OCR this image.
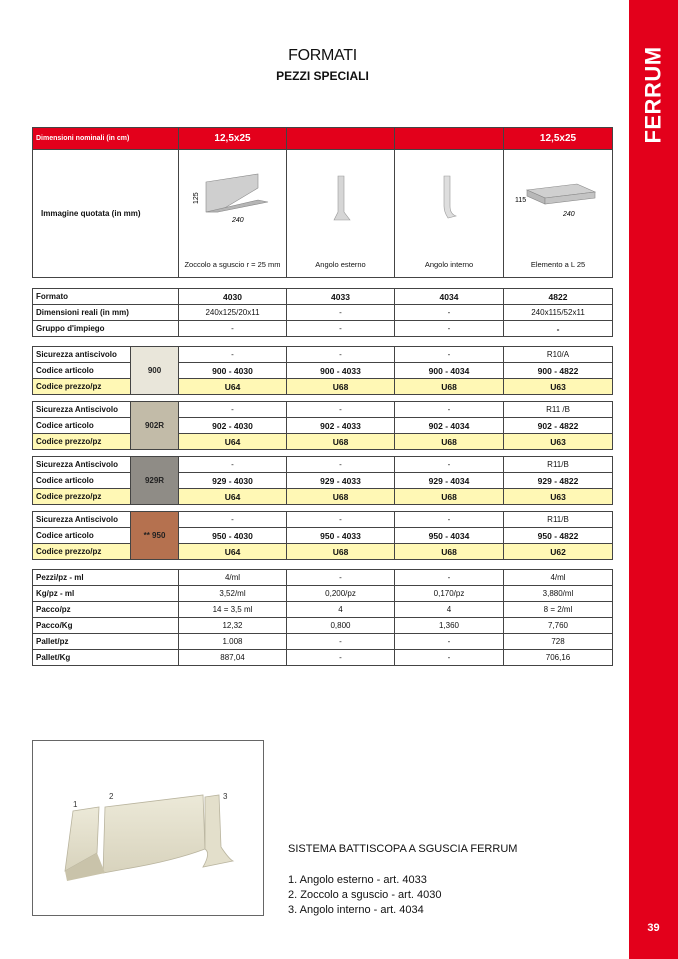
FERRUM
39
FORMATI
PEZZI SPECIALI
Dimensioni nominali (in cm)	12,5x25			12,5x25
Immagine quotata (in mm)	125
240
Zoccolo a sguscio r = 25 mm	Angolo esterno	Angolo interno	115
240
Elemento a L 25
Formato	4030	4033	4034	4822
Dimensioni reali (in mm)	240x125/20x11	-	-	240x115/52x11
Gruppo d'impiego	-	-	-	-
Sicurezza antiscivolo	900	-	-	-	R10/A
Codice articolo		900 - 4030	900 - 4033	900 - 4034	900 - 4822
Codice prezzo/pz		U64	U68	U68	U63
Sicurezza Antiscivolo	902R	-	-	-	R11 /B
Codice articolo		902 - 4030	902 - 4033	902 - 4034	902 - 4822
Codice prezzo/pz		U64	U68	U68	U63
Sicurezza Antiscivolo	929R	-	-	-	R11/B
Codice articolo		929 - 4030	929 - 4033	929 - 4034	929 - 4822
Codice prezzo/pz		U64	U68	U68	U63
Sicurezza Antiscivolo	** 950	-	-	-	R11/B
Codice articolo		950 - 4030	950 - 4033	950 - 4034	950 - 4822
Codice prezzo/pz		U64	U68	U68	U62
Pezzi/pz - ml	4/ml	-	-	4/ml
Kg/pz - ml	3,52/ml	0,200/pz	0,170/pz	3,880/ml
Pacco/pz	14 = 3,5 ml	4	4	8 = 2/ml
Pacco/Kg	12,32	0,800	1,360	7,760
Pallet/pz	1.008	-	-	728
Pallet/Kg	887,04	-	-	706,16
1
2	3
SISTEMA BATTISCOPA A SGUSCIA FERRUM
1. Angolo esterno - art. 4033
2. Zoccolo a sguscio - art. 4030
3. Angolo interno - art. 4034
